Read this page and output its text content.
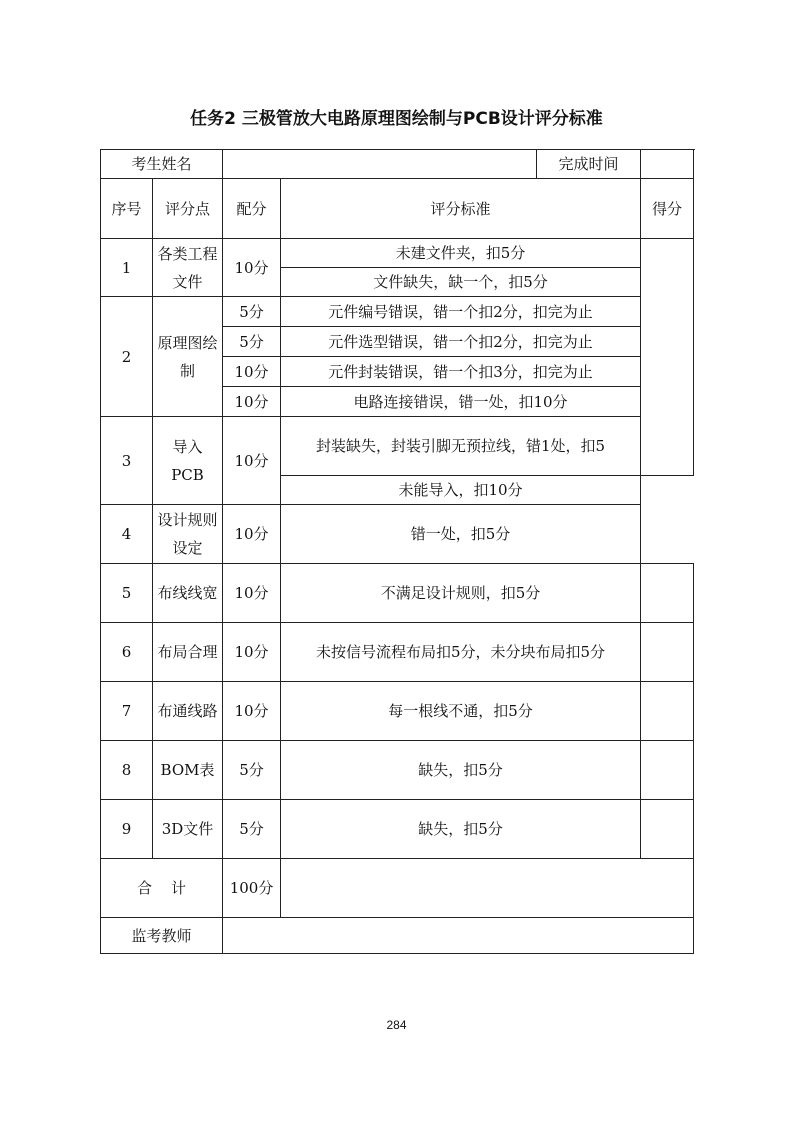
任务2 三极管放大电路原理图绘制与PCB设计评分标准
考生姓名				完成时间	
序号	评分点	配分	评分标准		得分
1	各类工程文件	10分	未建文件夹，扣5分		
			文件缺失，缺一个，扣5分		
2	原理图绘制	5分	元件编号错误，错一个扣2分，扣完为止		
		5分	元件选型错误，错一个扣2分，扣完为止		
		10分	元件封装错误，错一个扣3分，扣完为止		
		10分	电路连接错误，错一处，扣10分		
3	导入PCB	10分	封装缺失，封装引脚无预拉线，错1处，扣5		
			未能导入，扣10分		
4	设计规则设定	10分	错一处，扣5分		
5	布线线宽	10分	不满足设计规则，扣5分		
6	布局合理	10分	未按信号流程布局扣5分，未分块布局扣5分		
7	布通线路	10分	每一根线不通，扣5分		
8	BOM表	5分	缺失，扣5分		
9	3D文件	5分	缺失，扣5分		
合    计		100分			
监考教师					
284
